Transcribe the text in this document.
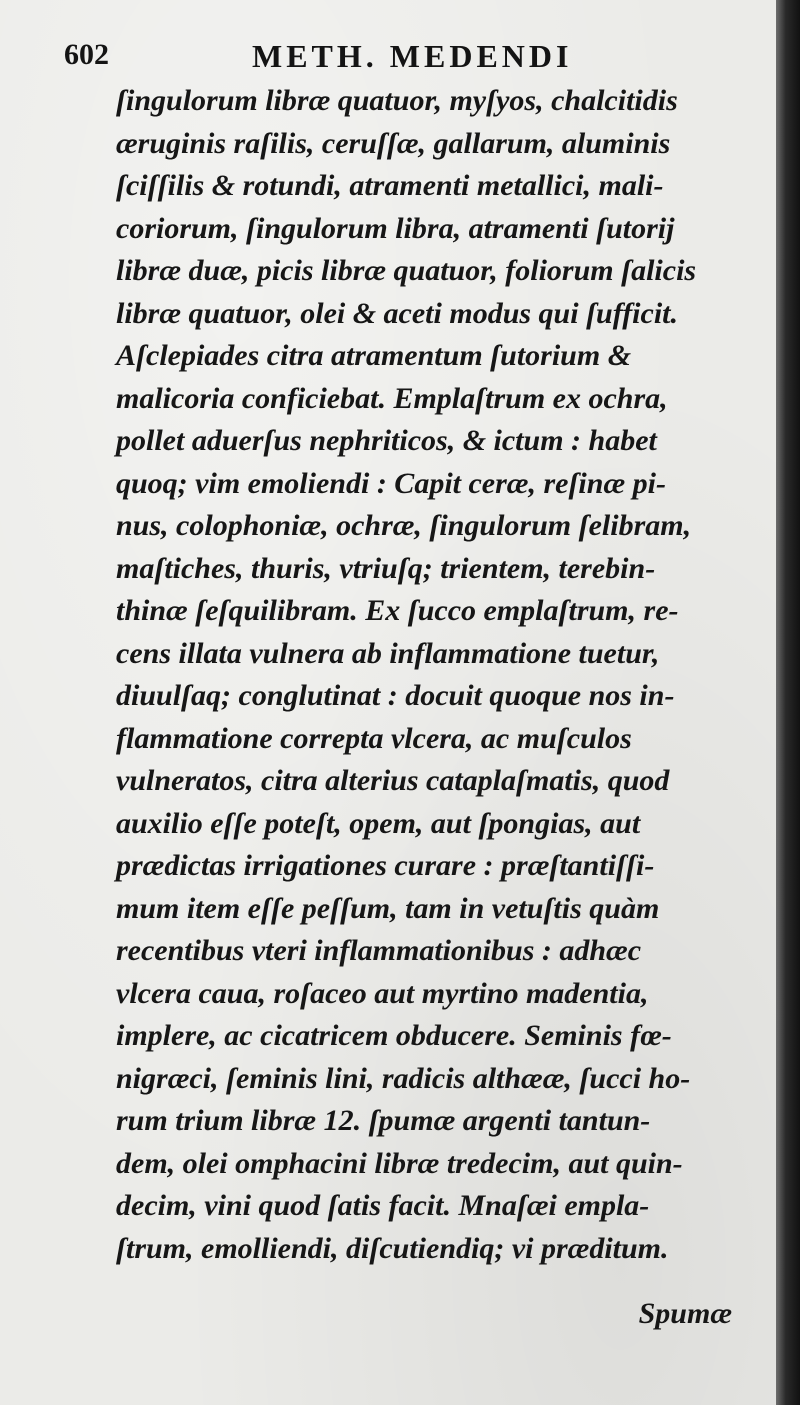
602	METH. MEDENDI
ſingulorum libræ quatuor, myſyos, chalcitidis
æruginis raſilis, ceruſſæ, gallarum, aluminis
ſciſſilis & rotundi, atramenti metallici, mali-
coriorum, ſingulorum libra, atramenti ſutorij
libræ duæ, picis libræ quatuor, foliorum ſalicis
libræ quatuor, olei & aceti modus qui ſufficit.
Aſclepiades citra atramentum ſutorium &
malicoria conficiebat. Emplaſtrum ex ochra,
pollet aduerſus nephriticos, & ictum : habet
quoq; vim emoliendi : Capit ceræ, reſinæ pi-
nus, colophoniæ, ochræ, ſingulorum ſelibram,
maſtiches, thuris, vtriuſq; trientem, terebin-
thinæ ſeſquilibram. Ex ſucco emplaſtrum, re-
cens illata vulnera ab inflammatione tuetur,
diuulſaq; conglutinat : docuit quoque nos in-
flammatione correpta vlcera, ac muſculos
vulneratos, citra alterius cataplaſmatis, quod
auxilio eſſe poteſt, opem, aut ſpongias, aut
prædictas irrigationes curare : præſtantiſſi-
mum item eſſe peſſum, tam in vetuſtis quàm
recentibus vteri inflammationibus : adhæc
vlcera caua, roſaceo aut myrtino madentia,
implere, ac cicatricem obducere. Seminis fœ-
nigræci, ſeminis lini, radicis althææ, ſucci ho-
rum trium libræ 12. ſpumæ argenti tantun-
dem, olei omphacini libræ tredecim, aut quin-
decim, vini quod ſatis facit. Mnaſæi empla-
ſtrum, emolliendi, diſcutiendiq; vi præditum.
Spumæ
